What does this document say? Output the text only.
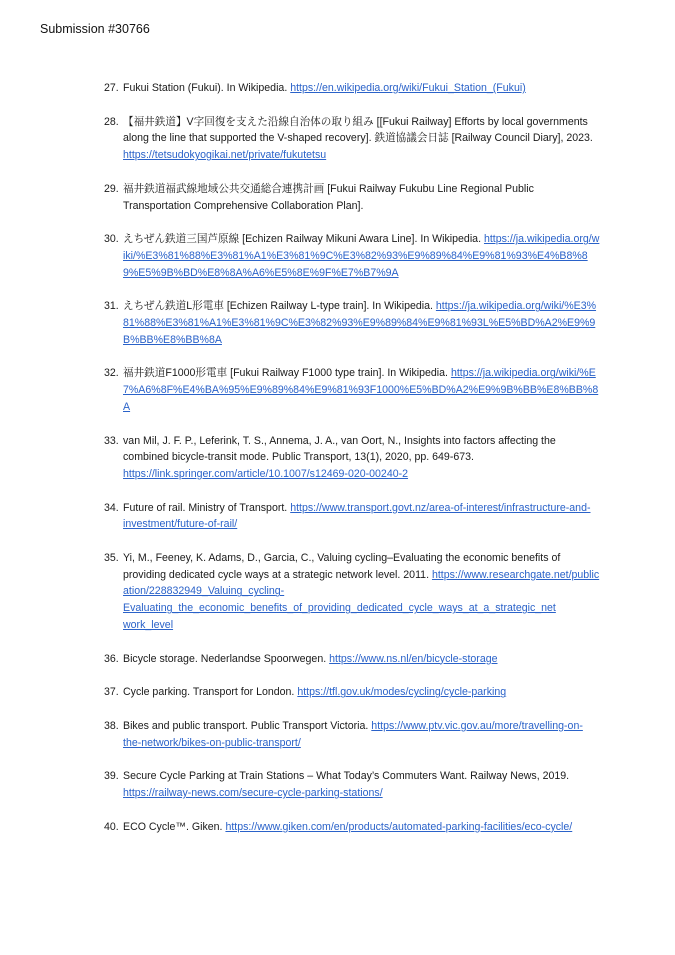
Submission #30766
27 . Fukui Station (Fukui). In Wikipedia. https://en.wikipedia.org/wiki/Fukui_Station_(Fukui)
28 . 【福井鉄道】V字回復を支えた沿線自治体の取り組み [[Fukui Railway] Efforts by local governments along the line that supported the V-shaped recovery]. 鉄道協議会日誌 [Railway Council Diary], 2023. https://tetsudokyogikai.net/private/fukutetsu
29 . 福井鉄道福武線地域公共交通総合連携計画 [Fukui Railway Fukubu Line Regional Public Transportation Comprehensive Collaboration Plan].
30 . えちぜん鉄道三国芦原線 [Echizen Railway Mikuni Awara Line]. In Wikipedia. https://ja.wikipedia.org/wiki/%E3%81%88%E3%81%A1%E3%81%9C%E3%82%93%E9%89%84%E9%81%93%E4%B8%89%E5%9B%BD%E8%8A%A6%E5%8E%9F%E7%B7%9A
31 . えちぜん鉄道L形電車 [Echizen Railway L-type train]. In Wikipedia. https://ja.wikipedia.org/wiki/%E3%81%88%E3%81%A1%E3%81%9C%E3%82%93%E9%89%84%E9%81%93L%E5%BD%A2%E9%9B%BB%E8%BB%8A
32 . 福井鉄道F1000形電車 [Fukui Railway F1000 type train]. In Wikipedia. https://ja.wikipedia.org/wiki/%E7%A6%8F%E4%BA%95%E9%89%84%E9%81%93F1000%E5%BD%A2%E9%9B%BB%E8%BB%8A
33 . van Mil, J. F. P., Leferink, T. S., Annema, J. A., van Oort, N., Insights into factors affecting the combined bicycle-transit mode. Public Transport, 13(1), 2020, pp. 649-673. https://link.springer.com/article/10.1007/s12469-020-00240-2
34 . Future of rail. Ministry of Transport. https://www.transport.govt.nz/area-of-interest/infrastructure-and-investment/future-of-rail/
35 . Yi, M., Feeney, K. Adams, D., Garcia, C., Valuing cycling–Evaluating the economic benefits of providing dedicated cycle ways at a strategic network level. 2011. https://www.researchgate.net/publication/228832949_Valuing_cycling-
Evaluating_the_economic_benefits_of_providing_dedicated_cycle_ways_at_a_strategic_net
work_level
36 . Bicycle storage. Nederlandse Spoorwegen. https://www.ns.nl/en/bicycle-storage
37 . Cycle parking. Transport for London. https://tfl.gov.uk/modes/cycling/cycle-parking
38 . Bikes and public transport. Public Transport Victoria. https://www.ptv.vic.gov.au/more/travelling-on-the-network/bikes-on-public-transport/
39 . Secure Cycle Parking at Train Stations – What Today’s Commuters Want. Railway News, 2019. https://railway-news.com/secure-cycle-parking-stations/
40 . ECO Cycle™. Giken. https://www.giken.com/en/products/automated-parking-facilities/eco-cycle/
